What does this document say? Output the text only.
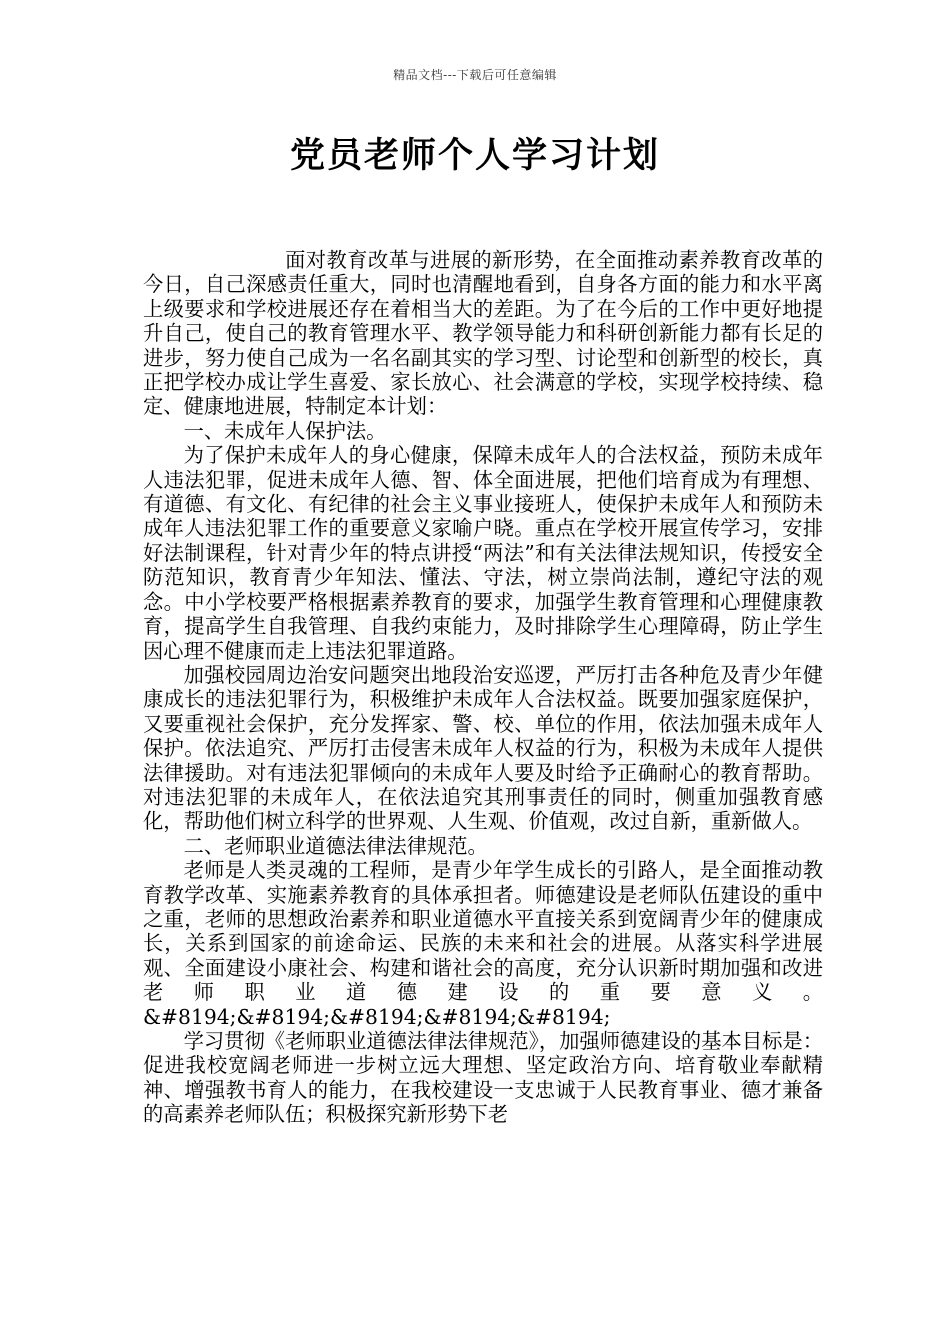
精品文档---下载后可任意编辑
党员老师个人学习计划

面对教育改革与进展的新形势，在全面推动素养教育改革的今日，自己深感责任重大，同时也清醒地看到，自身各方面的能力和水平离上级要求和学校进展还存在着相当大的差距。为了在今后的工作中更好地提升自己，使自己的教育管理水平、教学领导能力和科研创新能力都有长足的进步，努力使自己成为一名名副其实的学习型、讨论型和创新型的校长，真正把学校办成让学生喜爱、家长放心、社会满意的学校，实现学校持续、稳定、健康地进展，特制定本计划：

一、未成年人保护法。

为了保护未成年人的身心健康，保障未成年人的合法权益，预防未成年人违法犯罪，促进未成年人德、智、体全面进展，把他们培育成为有理想、有道德、有文化、有纪律的社会主义事业接班人，使保护未成年人和预防未成年人违法犯罪工作的重要意义家喻户晓。重点在学校开展宣传学习，安排好法制课程，针对青少年的特点讲授“两法”和有关法律法规知识，传授安全防范知识，教育青少年知法、懂法、守法，树立崇尚法制，遵纪守法的观念。中小学校要严格根据素养教育的要求，加强学生教育管理和心理健康教育，提高学生自我管理、自我约束能力，及时排除学生心理障碍，防止学生因心理不健康而走上违法犯罪道路。

加强校园周边治安问题突出地段治安巡逻，严厉打击各种危及青少年健康成长的违法犯罪行为，积极维护未成年人合法权益。既要加强家庭保护，又要重视社会保护，充分发挥家、警、校、单位的作用，依法加强未成年人保护。依法追究、严厉打击侵害未成年人权益的行为，积极为未成年人提供法律援助。对有违法犯罪倾向的未成年人要及时给予正确耐心的教育帮助。对违法犯罪的未成年人，在依法追究其刑事责任的同时，侧重加强教育感化，帮助他们树立科学的世界观、人生观、价值观，改过自新，重新做人。

二、老师职业道德法律法律规范。

老师是人类灵魂的工程师，是青少年学生成长的引路人，是全面推动教育教学改革、实施素养教育的具体承担者。师德建设是老师队伍建设的重中之重，老师的思想政治素养和职业道德水平直接关系到宽阔青少年的健康成长，关系到国家的前途命运、民族的未来和社会的进展。从落实科学进展观、全面建设小康社会、构建和谐社会的高度，充分认识新时期加强和改进老师职业道德建设的重要意义。&#8194;&#8194;&#8194;&#8194;&#8194;

学习贯彻《老师职业道德法律法律规范》，加强师德建设的基本目标是：促进我校宽阔老师进一步树立远大理想、坚定政治方向、培育敬业奉献精神、增强教书育人的能力，在我校建设一支忠诚于人民教育事业、德才兼备的高素养老师队伍；积极探究新形势下老
